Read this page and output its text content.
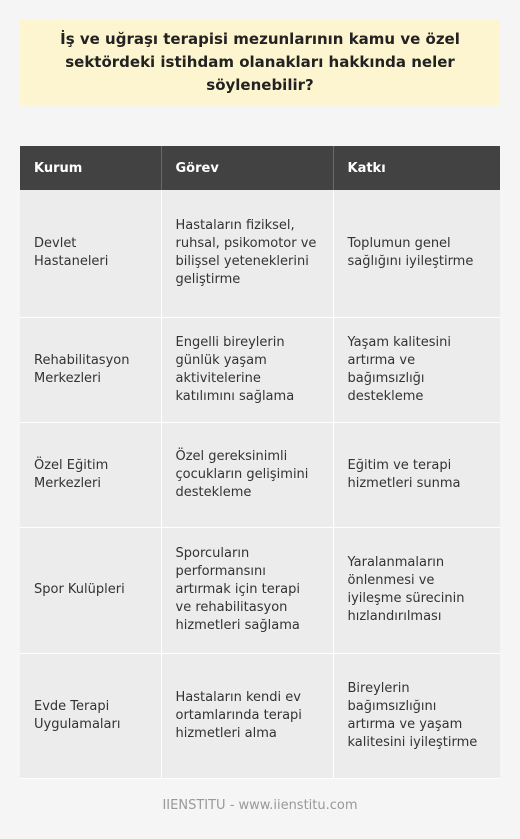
İş ve uğraşı terapisi mezunlarının kamu ve özel sektördeki istihdam olanakları hakkında neler söylenebilir?
Kurum	Görev	Katkı
Devlet Hastaneleri	Hastaların fiziksel, ruhsal, psikomotor ve bilişsel yeteneklerini geliştirme	Toplumun genel sağlığını iyileştirme
Rehabilitasyon Merkezleri	Engelli bireylerin günlük yaşam aktivitelerine katılımını sağlama	Yaşam kalitesini artırma ve bağımsızlığı destekleme
Özel Eğitim Merkezleri	Özel gereksinimli çocukların gelişimini destekleme	Eğitim ve terapi hizmetleri sunma
Spor Kulüpleri	Sporcuların performansını artırmak için terapi ve rehabilitasyon hizmetleri sağlama	Yaralanmaların önlenmesi ve iyileşme sürecinin hızlandırılması
Evde Terapi Uygulamaları	Hastaların kendi ev ortamlarında terapi hizmetleri alma	Bireylerin bağımsızlığını artırma ve yaşam kalitesini iyileştirme
IIENSTITU - www.iienstitu.com
